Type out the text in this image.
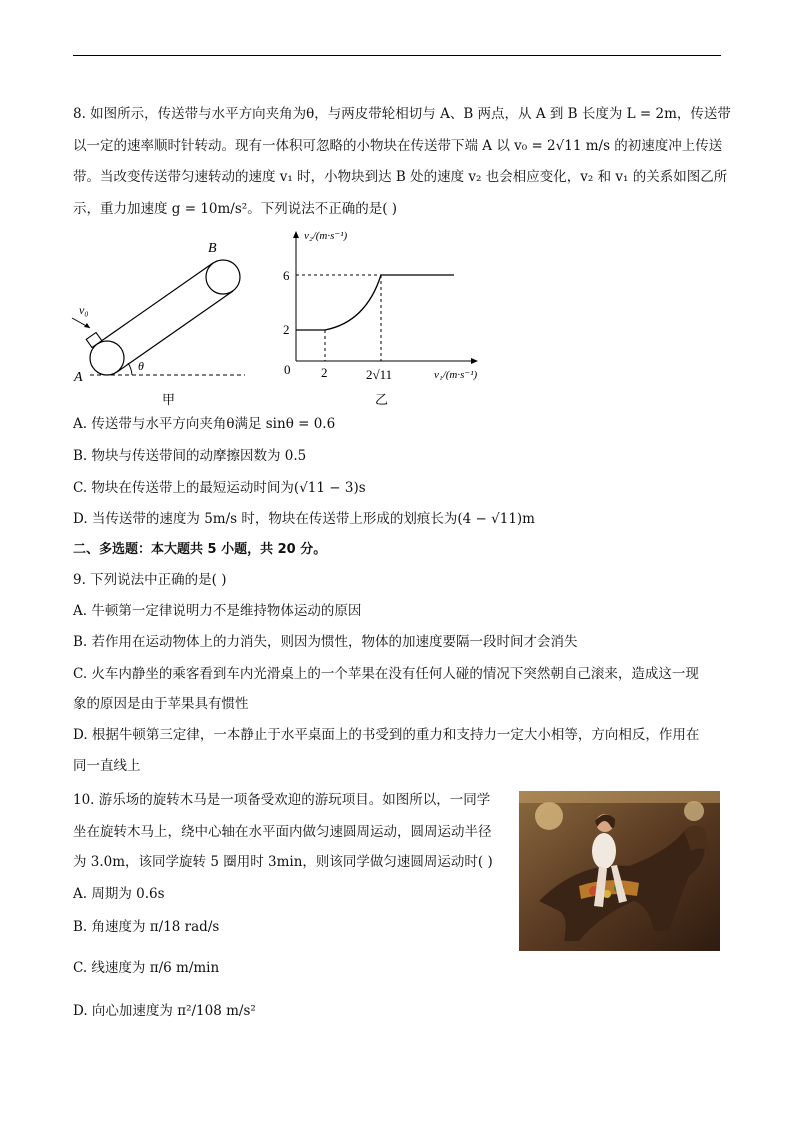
8. 如图所示，传送带与水平方向夹角为θ，与两皮带轮相切与 A、B 两点，从 A 到 B 长度为 L = 2m，传送带
以一定的速率顺时针转动。现有一体积可忽略的小物块在传送带下端 A 以 v₀ = 2√11 m/s 的初速度冲上传送
带。当改变传送带匀速转动的速度 v₁ 时，小物块到达 B 处的速度 v₂ 也会相应变化，v₂ 和 v₁ 的关系如图乙所
示，重力加速度 g = 10m/s²。下列说法不正确的是( )
B
A
v₀
θ
甲
v₂/(m·s⁻¹)
v₁/(m·s⁻¹)
0
2
6
2	2√11
乙
A. 传送带与水平方向夹角θ满足 sinθ = 0.6
B. 物块与传送带间的动摩擦因数为 0.5
C. 物块在传送带上的最短运动时间为(√11 − 3)s
D. 当传送带的速度为 5m/s 时，物块在传送带上形成的划痕长为(4 − √11)m
二、多选题：本大题共 5 小题，共 20 分。
9. 下列说法中正确的是( )
A. 牛顿第一定律说明力不是维持物体运动的原因
B. 若作用在运动物体上的力消失，则因为惯性，物体的加速度要隔一段时间才会消失
C. 火车内静坐的乘客看到车内光滑桌上的一个苹果在没有任何人碰的情况下突然朝自己滚来，造成这一现
象的原因是由于苹果具有惯性
D. 根据牛顿第三定律，一本静止于水平桌面上的书受到的重力和支持力一定大小相等，方向相反，作用在
同一直线上
10. 游乐场的旋转木马是一项备受欢迎的游玩项目。如图所以，一同学
坐在旋转木马上，绕中心轴在水平面内做匀速圆周运动，圆周运动半径
为 3.0m，该同学旋转 5 圈用时 3min，则该同学做匀速圆周运动时( )
A. 周期为 0.6s
B. 角速度为 π/18 rad/s
C. 线速度为 π/6 m/min
D. 向心加速度为 π²/108 m/s²
